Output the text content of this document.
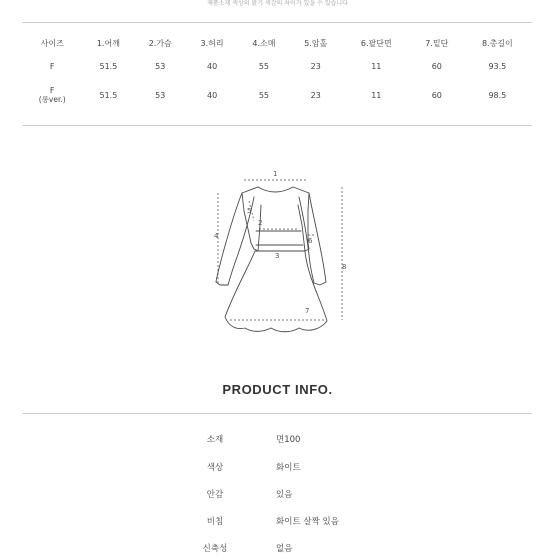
제품소재 색상의 밝기 색감의 차이가 있을 수 있습니다
사이즈	1.어깨	2.가슴	3.허리	4.소매	5.암홀	6.팔단면	7.밑단	8.총길이
F	51.5	53	40	55	23	11	60	93.5
F
(롱ver.)	51.5	53	40	55	23	11	60	98.5
1
2
3
4
5
6
7
8
PRODUCT INFO.
소재	면100
색상	화이트
안감	있음
비침	화이트 살짝 있음
신축성	없음
